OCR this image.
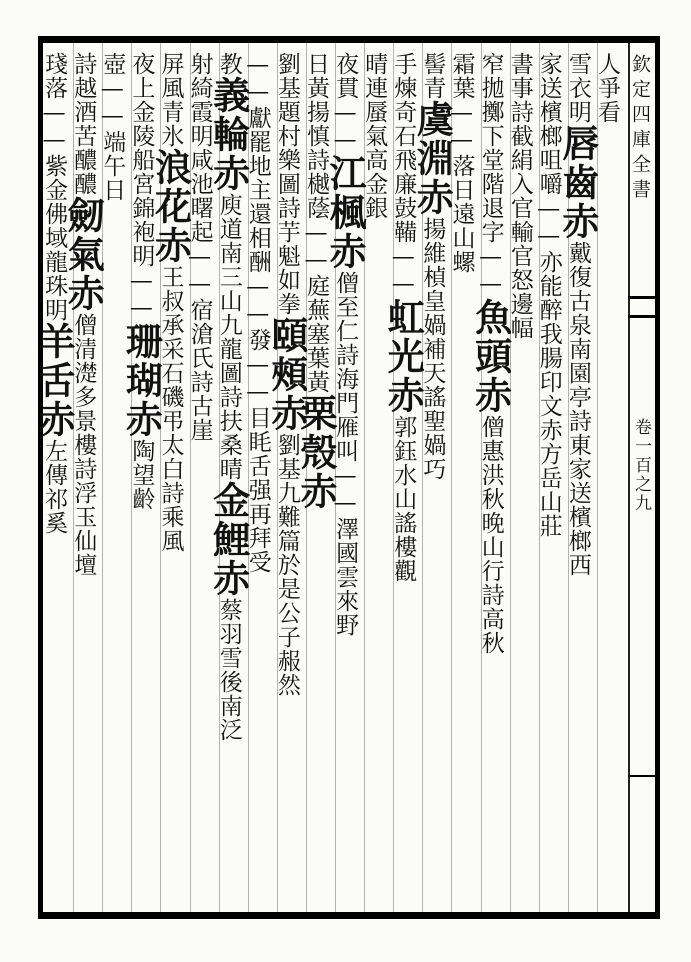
欽定四庫全書
卷一百之九
人爭看
雪衣明唇齒赤戴復古泉南園亭詩東家送檳榔西
家送檳榔咀嚼——亦能醉我腸印文赤方岳山莊
書事詩截絹入官輸官怒邊幅
窄拋擲下堂階退字——魚頭赤僧惠洪秋晚山行詩高秋
霜葉——落日遠山螺
髻青虞淵赤揚維楨皇媧補天謠聖媧巧
手煉奇石飛廉鼓鞴——虹光赤郭鈺水山謠樓觀
晴連蜃氣高金銀
夜貫——江楓赤僧至仁詩海門雁叫——澤國雲來野
日黃揚慎詩樾蔭——庭蕪塞葉黃栗殼赤
劉基題村樂圖詩芋魁如拳頤頰赤劉基九難篇於是公子赧然
——獻罷地主還相酬——發——目眊舌强再拜受
教義輪赤庾道南三山九龍圖詩扶桑晴金鯉赤蔡羽雪後南泛
射綺霞明咸池曙起——宿滄氏詩古崖
屏風青氷浪花赤王叔承采石磯弔太白詩乘風
夜上金陵船宮錦袍明——珊瑚赤陶望齡
壺——端午日
詩越酒苦醲醲劒氣赤僧清濋多景樓詩浮玉仙壇
琖落——紫金佛域龍珠明羊舌赤左傳祁奚
